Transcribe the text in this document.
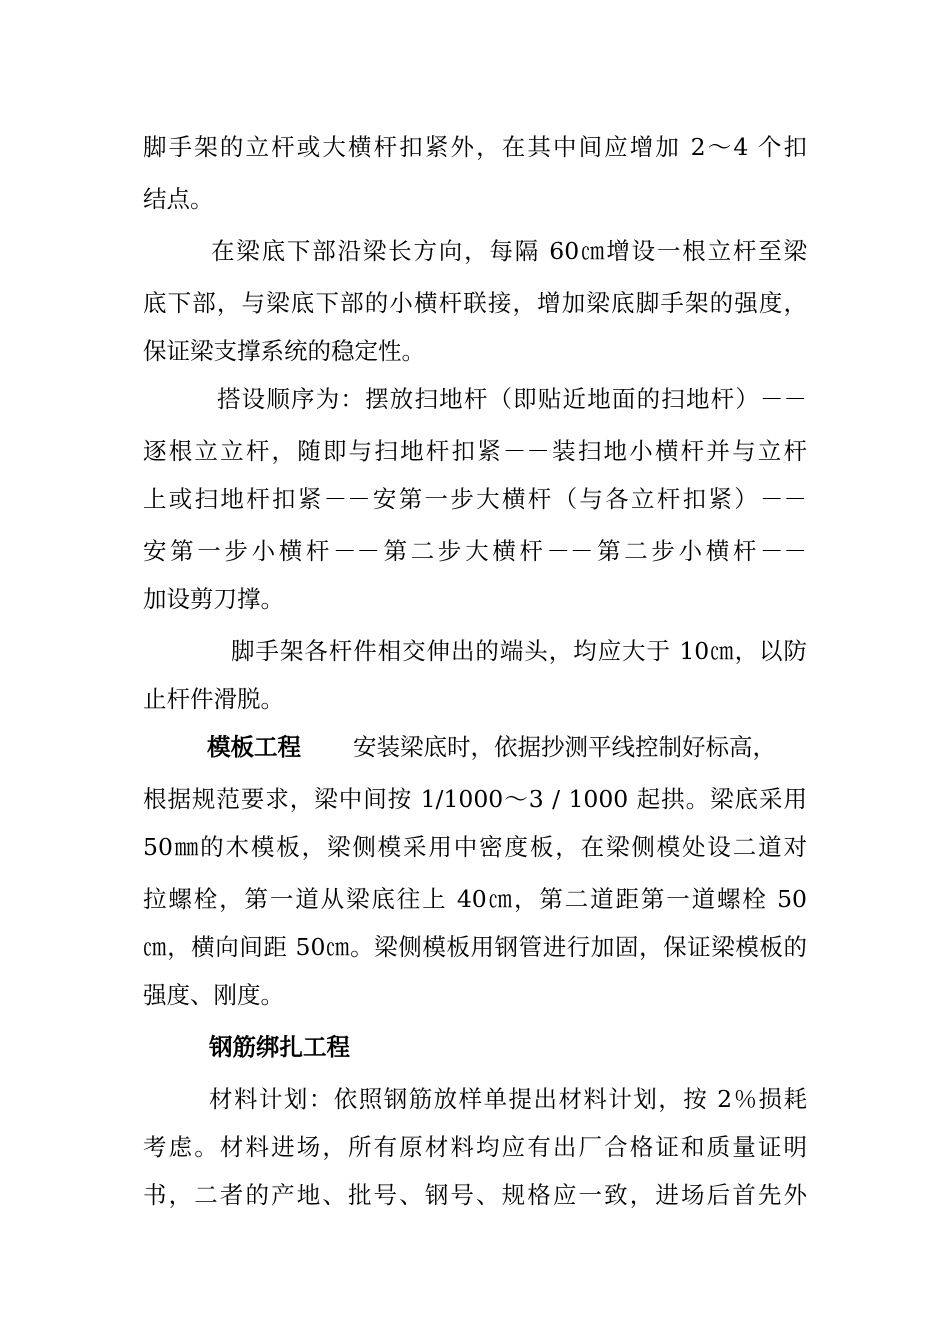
脚手架的立杆或大横杆扣紧外，在其中间应增加 2～4 个扣
结点。
在梁底下部沿梁长方向，每隔 60㎝增设一根立杆至梁
底下部，与梁底下部的小横杆联接，增加梁底脚手架的强度，
保证梁支撑系统的稳定性。
搭设顺序为：摆放扫地杆（即贴近地面的扫地杆）－－
逐根立立杆，随即与扫地杆扣紧－－装扫地小横杆并与立杆
上或扫地杆扣紧－－安第一步大横杆（与各立杆扣紧）－－
安第一步小横杆－－第二步大横杆－－第二步小横杆－－
加设剪刀撑。
脚手架各杆件相交伸出的端头，均应大于 10㎝，以防
止杆件滑脱。
模板工程 安装梁底时，依据抄测平线控制好标高，
根据规范要求，梁中间按 1/1000～3 / 1000 起拱。梁底采用
50㎜的木模板，梁侧模采用中密度板，在梁侧模处设二道对
拉螺栓，第一道从梁底往上 40㎝，第二道距第一道螺栓 50
㎝，横向间距 50㎝。梁侧模板用钢管进行加固，保证梁模板的
强度、刚度。
钢筋绑扎工程
材料计划：依照钢筋放样单提出材料计划，按 2％损耗
考虑。材料进场，所有原材料均应有出厂合格证和质量证明
书，二者的产地、批号、钢号、规格应一致，进场后首先外
